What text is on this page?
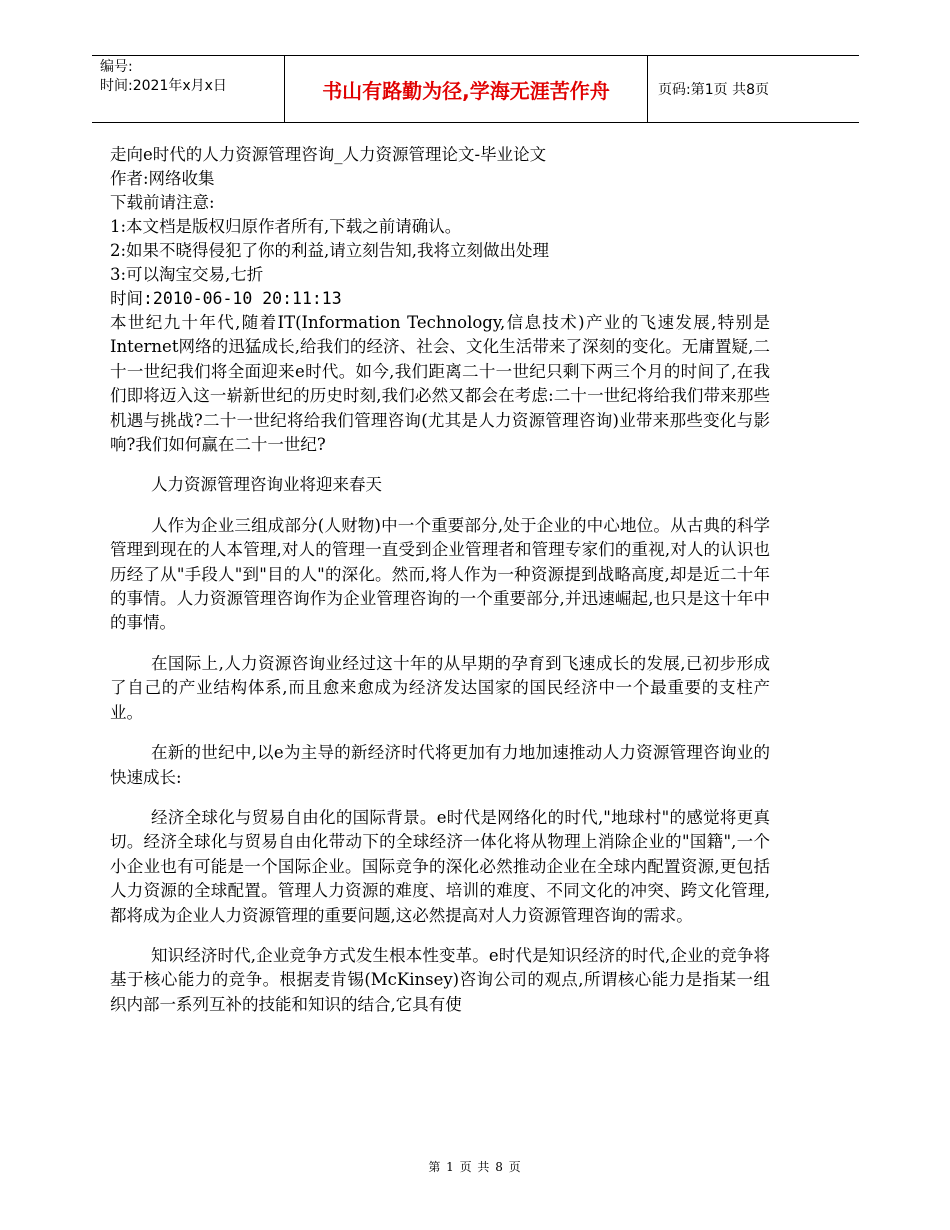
编号:
时间:2021年x月x日	书山有路勤为径,学海无涯苦作舟	页码:第1页 共8页
走向e时代的人力资源管理咨询_人力资源管理论文-毕业论文
作者:网络收集
下载前请注意:
1:本文档是版权归原作者所有,下载之前请确认。
2:如果不晓得侵犯了你的利益,请立刻告知,我将立刻做出处理
3:可以淘宝交易,七折
时间:2010-06-10 20:11:13

本世纪九十年代,随着IT(Information Technology,信息技术)产业的飞速发展,特别是Internet网络的迅猛成长,给我们的经济、社会、文化生活带来了深刻的变化。无庸置疑,二十一世纪我们将全面迎来e时代。如今,我们距离二十一世纪只剩下两三个月的时间了,在我们即将迈入这一崭新世纪的历史时刻,我们必然又都会在考虑:二十一世纪将给我们带来那些机遇与挑战?二十一世纪将给我们管理咨询(尤其是人力资源管理咨询)业带来那些变化与影响?我们如何赢在二十一世纪?

人力资源管理咨询业将迎来春天

人作为企业三组成部分(人财物)中一个重要部分,处于企业的中心地位。从古典的科学管理到现在的人本管理,对人的管理一直受到企业管理者和管理专家们的重视,对人的认识也历经了从"手段人"到"目的人"的深化。然而,将人作为一种资源提到战略高度,却是近二十年的事情。人力资源管理咨询作为企业管理咨询的一个重要部分,并迅速崛起,也只是这十年中的事情。

在国际上,人力资源咨询业经过这十年的从早期的孕育到飞速成长的发展,已初步形成了自己的产业结构体系,而且愈来愈成为经济发达国家的国民经济中一个最重要的支柱产业。

在新的世纪中,以e为主导的新经济时代将更加有力地加速推动人力资源管理咨询业的快速成长:

经济全球化与贸易自由化的国际背景。e时代是网络化的时代,"地球村"的感觉将更真切。经济全球化与贸易自由化带动下的全球经济一体化将从物理上消除企业的"国籍",一个小企业也有可能是一个国际企业。国际竞争的深化必然推动企业在全球内配置资源,更包括人力资源的全球配置。管理人力资源的难度、培训的难度、不同文化的冲突、跨文化管理,都将成为企业人力资源管理的重要问题,这必然提高对人力资源管理咨询的需求。

知识经济时代,企业竞争方式发生根本性变革。e时代是知识经济的时代,企业的竞争将基于核心能力的竞争。根据麦肯锡(McKinsey)咨询公司的观点,所谓核心能力是指某一组织内部一系列互补的技能和知识的结合,它具有使

第 1 页 共 8 页
